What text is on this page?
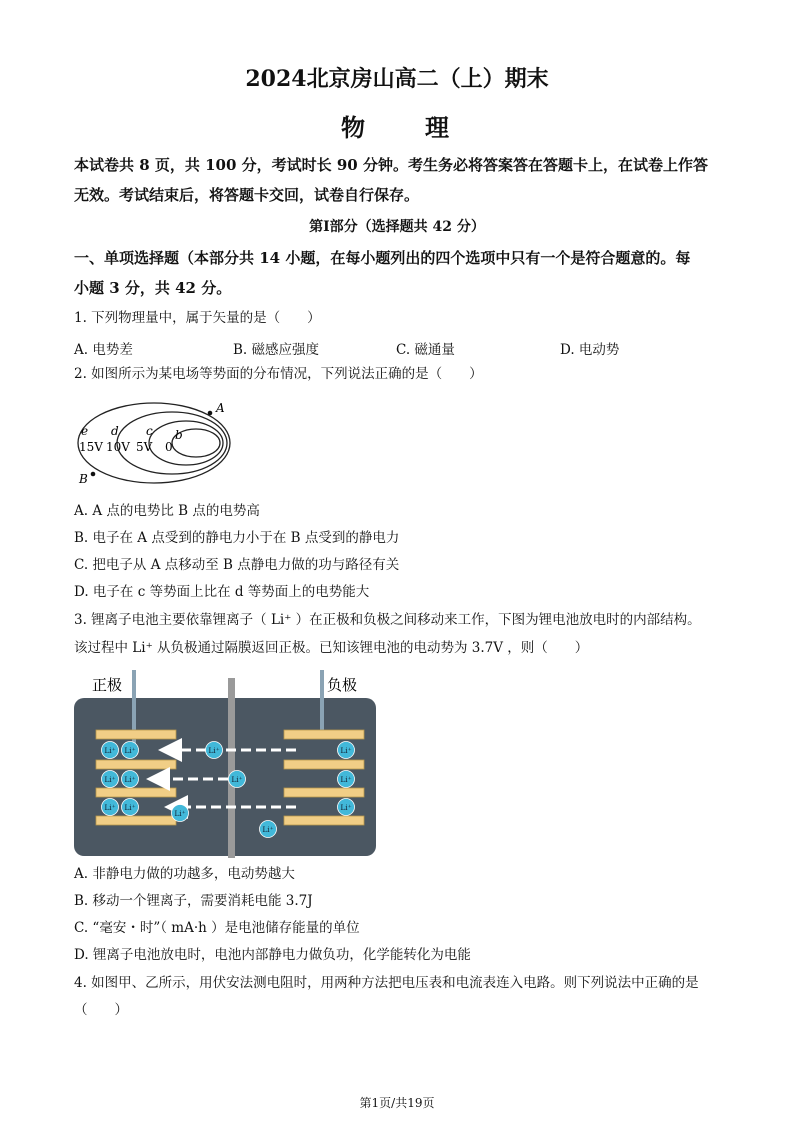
2024北京房山高二（上）期末
物　　理
本试卷共 8 页，共 100 分，考试时长 90 分钟。考生务必将答案答在答题卡上，在试卷上作答
无效。考试结束后，将答题卡交回，试卷自行保存。
第Ⅰ部分（选择题共 42 分）
一、单项选择题（本部分共 14 小题，在每小题列出的四个选项中只有一个是符合题意的。每
小题 3 分，共 42 分。
1. 下列物理量中，属于矢量的是（　　）
A. 电势差	B. 磁感应强度	C. 磁通量	D. 电动势
2. 如图所示为某电场等势面的分布情况，下列说法正确的是（　　）
e d c b
15V 10V 5V 0
A
B
A. A 点的电势比 B 点的电势高
B. 电子在 A 点受到的静电力小于在 B 点受到的静电力
C. 把电子从 A 点移动至 B 点静电力做的功与路径有关
D. 电子在 c 等势面上比在 d 等势面上的电势能大
3. 锂离子电池主要依靠锂离子（ Li⁺ ）在正极和负极之间移动来工作，下图为锂电池放电时的内部结构。
该过程中 Li⁺ 从负极通过隔膜返回正极。已知该锂电池的电动势为 3.7V ，则（　　）
正极	负极
Li⁺ Li⁺
Li⁺ Li⁺
Li⁺ Li⁺
Li⁺
Li⁺
Li⁺
Li⁺
Li⁺
Li⁺
Li⁺
A. 非静电力做的功越多，电动势越大
B. 移动一个锂离子，需要消耗电能 3.7J
C. “毫安・时”（ mA·h ）是电池储存能量的单位
D. 锂离子电池放电时，电池内部静电力做负功，化学能转化为电能
4. 如图甲、乙所示，用伏安法测电阻时，用两种方法把电压表和电流表连入电路。则下列说法中正确的是
（　　）
第1页/共19页
